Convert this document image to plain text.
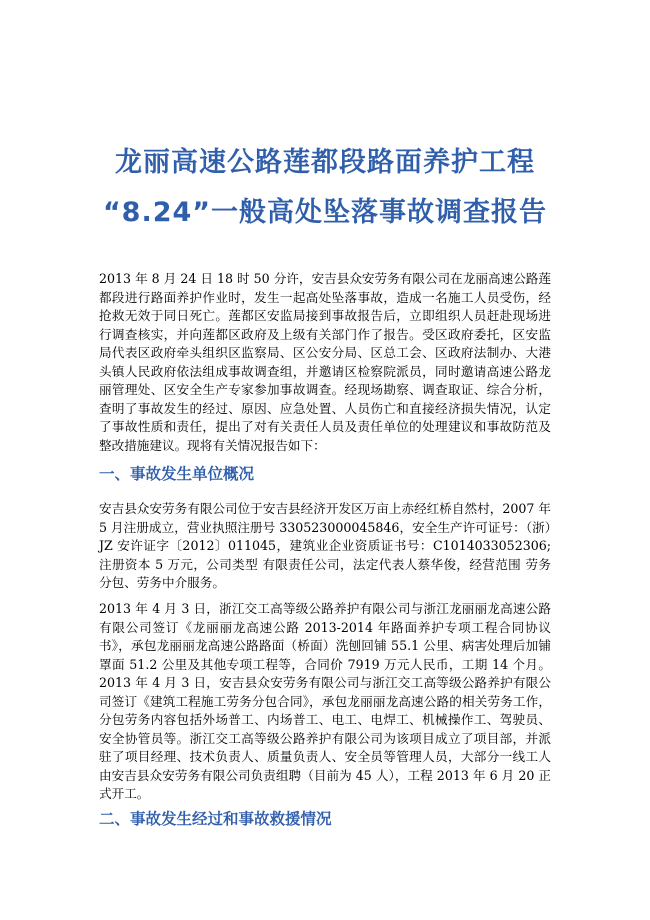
龙丽高速公路莲都段路面养护工程
“8.24”一般高处坠落事故调查报告

2013 年 8 月 24 日 18 时 50 分许，安吉县众安劳务有限公司在龙丽高速公路莲都段进行路面养护作业时，发生一起高处坠落事故，造成一名施工人员受伤，经抢救无效于同日死亡。莲都区安监局接到事故报告后，立即组织人员赶赴现场进行调查核实，并向莲都区政府及上级有关部门作了报告。受区政府委托，区安监局代表区政府牵头组织区监察局、区公安分局、区总工会、区政府法制办、大港头镇人民政府依法组成事故调查组，并邀请区检察院派员，同时邀请高速公路龙丽管理处、区安全生产专家参加事故调查。经现场勘察、调查取证、综合分析，查明了事故发生的经过、原因、应急处置、人员伤亡和直接经济损失情况，认定了事故性质和责任，提出了对有关责任人员及责任单位的处理建议和事故防范及整改措施建议。现将有关情况报告如下：

一、事故发生单位概况

安吉县众安劳务有限公司位于安吉县经济开发区万亩上赤经红桥自然村，2007 年 5 月注册成立，营业执照注册号 330523000045846，安全生产许可证号：（浙）JZ 安许证字〔2012〕011045，建筑业企业资质证书号：C1014033052306;注册资本 5 万元，公司类型 有限责任公司，法定代表人蔡华俊，经营范围 劳务分包、劳务中介服务。

2013 年 4 月 3 日，浙江交工高等级公路养护有限公司与浙江龙丽丽龙高速公路有限公司签订《龙丽丽龙高速公路 2013-2014 年路面养护专项工程合同协议书》，承包龙丽丽龙高速公路路面（桥面）洗刨回铺 55.1 公里、病害处理后加铺罩面 51.2 公里及其他专项工程等，合同价 7919 万元人民币，工期 14 个月。2013 年 4 月 3 日，安吉县众安劳务有限公司与浙江交工高等级公路养护有限公司签订《建筑工程施工劳务分包合同》，承包龙丽丽龙高速公路的相关劳务工作，分包劳务内容包括外场普工、内场普工、电工、电焊工、机械操作工、驾驶员、安全协管员等。浙江交工高等级公路养护有限公司为该项目成立了项目部，并派驻了项目经理、技术负责人、质量负责人、安全员等管理人员，大部分一线工人由安吉县众安劳务有限公司负责组聘（目前为 45 人），工程 2013 年 6 月 20 正式开工。

二、事故发生经过和事故救援情况
